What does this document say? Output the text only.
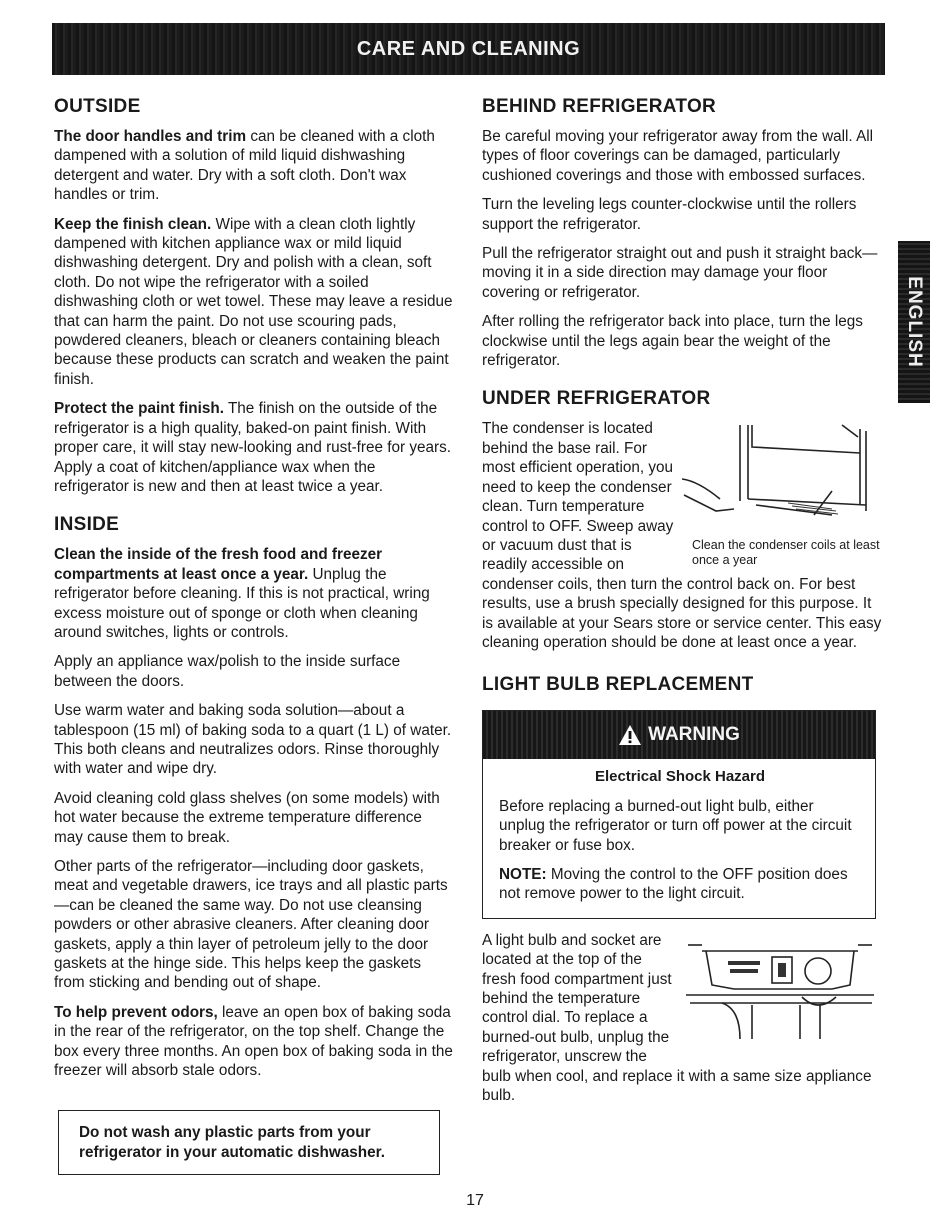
CARE AND CLEANING
ENGLISH
OUTSIDE

The door handles and trim can be cleaned with a cloth dampened with a solution of mild liquid dishwashing detergent and water. Dry with a soft cloth. Don't wax handles or trim.

Keep the finish clean. Wipe with a clean cloth lightly dampened with kitchen appliance wax or mild liquid dishwashing detergent. Dry and polish with a clean, soft cloth. Do not wipe the refrigerator with a soiled dishwashing cloth or wet towel. These may leave a residue that can harm the paint. Do not use scouring pads, powdered cleaners, bleach or cleaners containing bleach because these products can scratch and weaken the paint finish.

Protect the paint finish. The finish on the outside of the refrigerator is a high quality, baked-on paint finish. With proper care, it will stay new-looking and rust-free for years. Apply a coat of kitchen/appliance wax when the refrigerator is new and then at least twice a year.

INSIDE

Clean the inside of the fresh food and freezer compartments at least once a year. Unplug the refrigerator before cleaning. If this is not practical, wring excess moisture out of sponge or cloth when cleaning around switches, lights or controls.

Apply an appliance wax/polish to the inside surface between the doors.

Use warm water and baking soda solution—about a tablespoon (15 ml) of baking soda to a quart (1 L) of water. This both cleans and neutralizes odors. Rinse thoroughly with water and wipe dry.

Avoid cleaning cold glass shelves (on some models) with hot water because the extreme temperature difference may cause them to break.

Other parts of the refrigerator—including door gaskets, meat and vegetable drawers, ice trays and all plastic parts—can be cleaned the same way. Do not use cleansing powders or other abrasive cleaners. After cleaning door gaskets, apply a thin layer of petroleum jelly to the door gaskets at the hinge side. This helps keep the gaskets from sticking and bending out of shape.

To help prevent odors, leave an open box of baking soda in the rear of the refrigerator, on the top shelf. Change the box every three months. An open box of baking soda in the freezer will absorb stale odors.

Do not wash any plastic parts from your refrigerator in your automatic dishwasher.

BEHIND REFRIGERATOR

Be careful moving your refrigerator away from the wall. All types of floor coverings can be damaged, particularly cushioned coverings and those with embossed surfaces.

Turn the leveling legs counter-clockwise until the rollers support the refrigerator.

Pull the refrigerator straight out and push it straight back—moving it in a side direction may damage your floor covering or refrigerator.

After rolling the refrigerator back into place, turn the legs clockwise until the legs again bear the weight of the refrigerator.

UNDER REFRIGERATOR
Clean the condenser coils at least once a year

The condenser is located behind the base rail. For most efficient operation, you need to keep the condenser clean. Turn temperature control to OFF. Sweep away or vacuum dust that is readily accessible on condenser coils, then turn the control back on. For best results, use a brush specially designed for this purpose. It is available at your Sears store or service center. This easy cleaning operation should be done at least once a year.

LIGHT BULB REPLACEMENT
WARNING

Electrical Shock Hazard

Before replacing a burned-out light bulb, either unplug the refrigerator or turn off power at the circuit breaker or fuse box.

NOTE: Moving the control to the OFF position does not remove power to the light circuit.

A light bulb and socket are located at the top of the fresh food compartment just behind the temperature control dial. To replace a burned-out bulb, unplug the refrigerator, unscrew the bulb when cool, and replace it with a same size appliance bulb.

17
